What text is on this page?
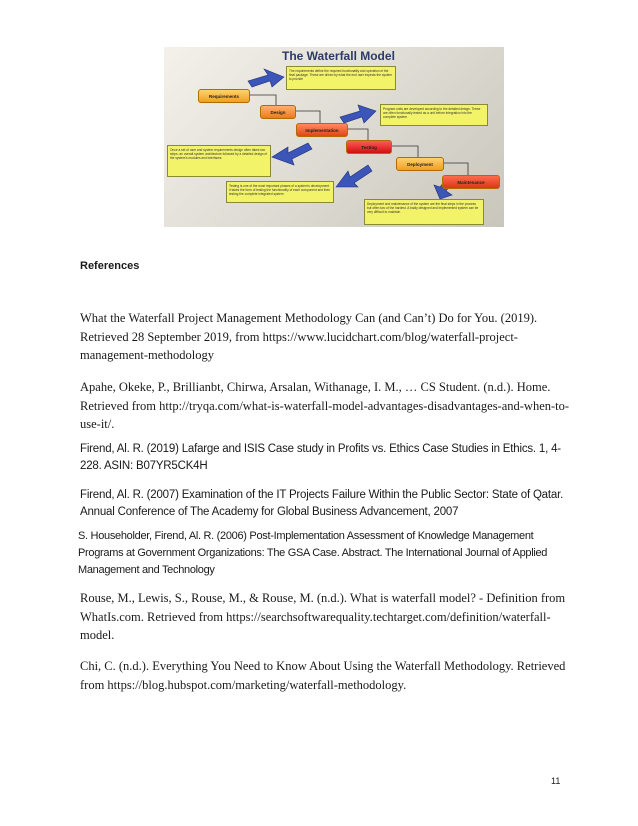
The Waterfall Model
Requirements
Design
Implementation
Testing
Deployment
Maintenance
The requirements define the required functionality and operation of the final package. These are driven by what the end user expects the system to provide
Program units are developed according to the detailed design. These are often functionally tested as a unit before integration into the complete system
Once a set of user and system requirements design often takes two steps: an overall system architecture followed by a detailed design of the system's modules and interfaces
Testing is one of the most important phases of a system's development. It takes the form of testing the functionality of each component and then testing the complete integrated system
Deployment and maintenance of the system are the final steps in the process but often two of the hardest. A badly designed and implemented system can be very difficult to maintain
References

What the Waterfall Project Management Methodology Can (and Can’t) Do for You. (2019). Retrieved 28 September 2019, from https://www.lucidchart.com/blog/waterfall-project-management-methodology

Apahe, Okeke, P., Brillianbt, Chirwa, Arsalan, Withanage, I. M., … CS Student. (n.d.). Home. Retrieved from http://tryqa.com/what-is-waterfall-model-advantages-disadvantages-and-when-to-use-it/.

Firend, Al. R. (2019) Lafarge and ISIS Case study in Profits vs. Ethics Case Studies in Ethics. 1, 4-228. ASIN: B07YR5CK4H

Firend, Al. R. (2007) Examination of the IT Projects Failure Within the Public Sector: State of Qatar. Annual Conference of The Academy for Global Business Advancement, 2007

S. Householder, Firend, Al. R. (2006) Post-Implementation Assessment of Knowledge Management Programs at Government Organizations: The GSA Case. Abstract. The International Journal of Applied Management and Technology

Rouse, M., Lewis, S., Rouse, M., & Rouse, M. (n.d.). What is waterfall model? - Definition from WhatIs.com. Retrieved from https://searchsoftwarequality.techtarget.com/definition/waterfall-model.

Chi, C. (n.d.). Everything You Need to Know About Using the Waterfall Methodology. Retrieved from https://blog.hubspot.com/marketing/waterfall-methodology.

11
